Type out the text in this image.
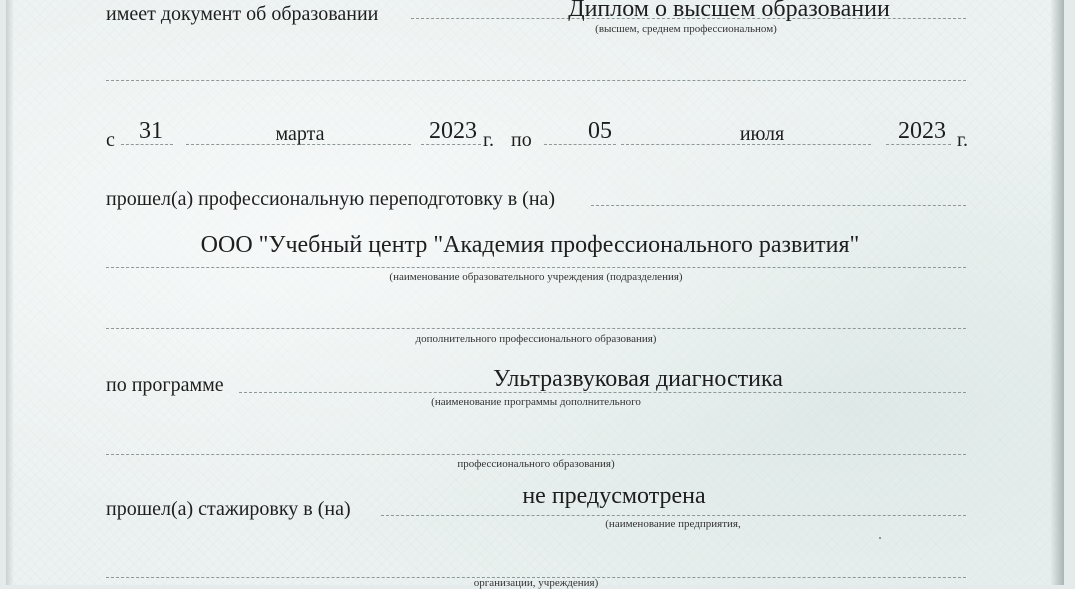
имеет документ об образовании	Диплом о высшем образовании
(высшем, среднем профессиональном)
с 31	марта	2023 г. по 05	июля	2023 г.
прошел(а) профессиональную переподготовку в (на)
ООО "Учебный центр "Академия профессионального развития"
(наименование образовательного учреждения (подразделения)
дополнительного профессионального образования)
по программе	Ультразвуковая диагностика
(наименование программы дополнительного
профессионального образования)
прошел(а) стажировку в (на)	не предусмотрена
(наименование предприятия,
организации, учреждения)
